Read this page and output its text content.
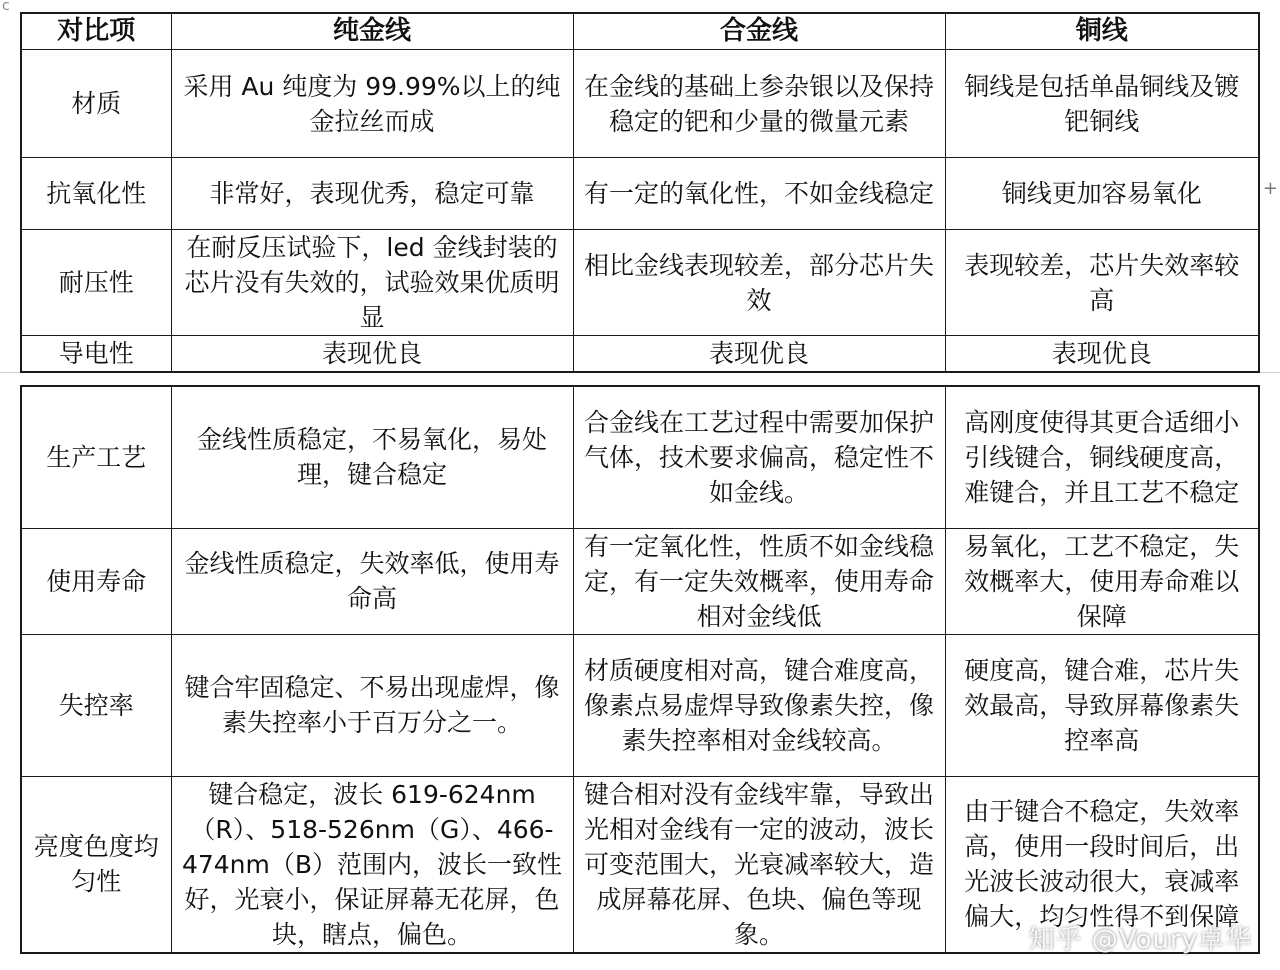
c
+
对比项	纯金线	合金线	铜线
材质	采用 Au 纯度为 99.99%以上的纯金拉丝而成	在金线的基础上参杂银以及保持稳定的钯和少量的微量元素	铜线是包括单晶铜线及镀钯铜线
抗氧化性	非常好，表现优秀，稳定可靠	有一定的氧化性，不如金线稳定	铜线更加容易氧化
耐压性	在耐反压试验下，led 金线封装的芯片没有失效的，试验效果优质明显	相比金线表现较差，部分芯片失效	表现较差，芯片失效率较高
导电性	表现优良	表现优良	表现优良
生产工艺	金线性质稳定，不易氧化，易处理，键合稳定	合金线在工艺过程中需要加保护气体，技术要求偏高，稳定性不如金线。	高刚度使得其更合适细小引线键合，铜线硬度高，难键合，并且工艺不稳定
使用寿命	金线性质稳定，失效率低，使用寿命高	有一定氧化性，性质不如金线稳定，有一定失效概率，使用寿命相对金线低	易氧化，工艺不稳定，失效概率大，使用寿命难以保障
失控率	键合牢固稳定、不易出现虚焊，像素失控率小于百万分之一。	材质硬度相对高，键合难度高，像素点易虚焊导致像素失控，像素失控率相对金线较高。	硬度高，键合难，芯片失效最高，导致屏幕像素失控率高
亮度色度均匀性	键合稳定，波长 619-624nm（R）、518-526nm（G）、466-474nm（B）范围内，波长一致性好，光衰小，保证屏幕无花屏，色块，瞎点，偏色。	键合相对没有金线牢靠，导致出光相对金线有一定的波动，波长可变范围大，光衰减率较大，造成屏幕花屏、色块、偏色等现象。	由于键合不稳定，失效率高，使用一段时间后，出光波长波动很大，衰减率偏大，均匀性得不到保障
知乎 @Voury卓华
